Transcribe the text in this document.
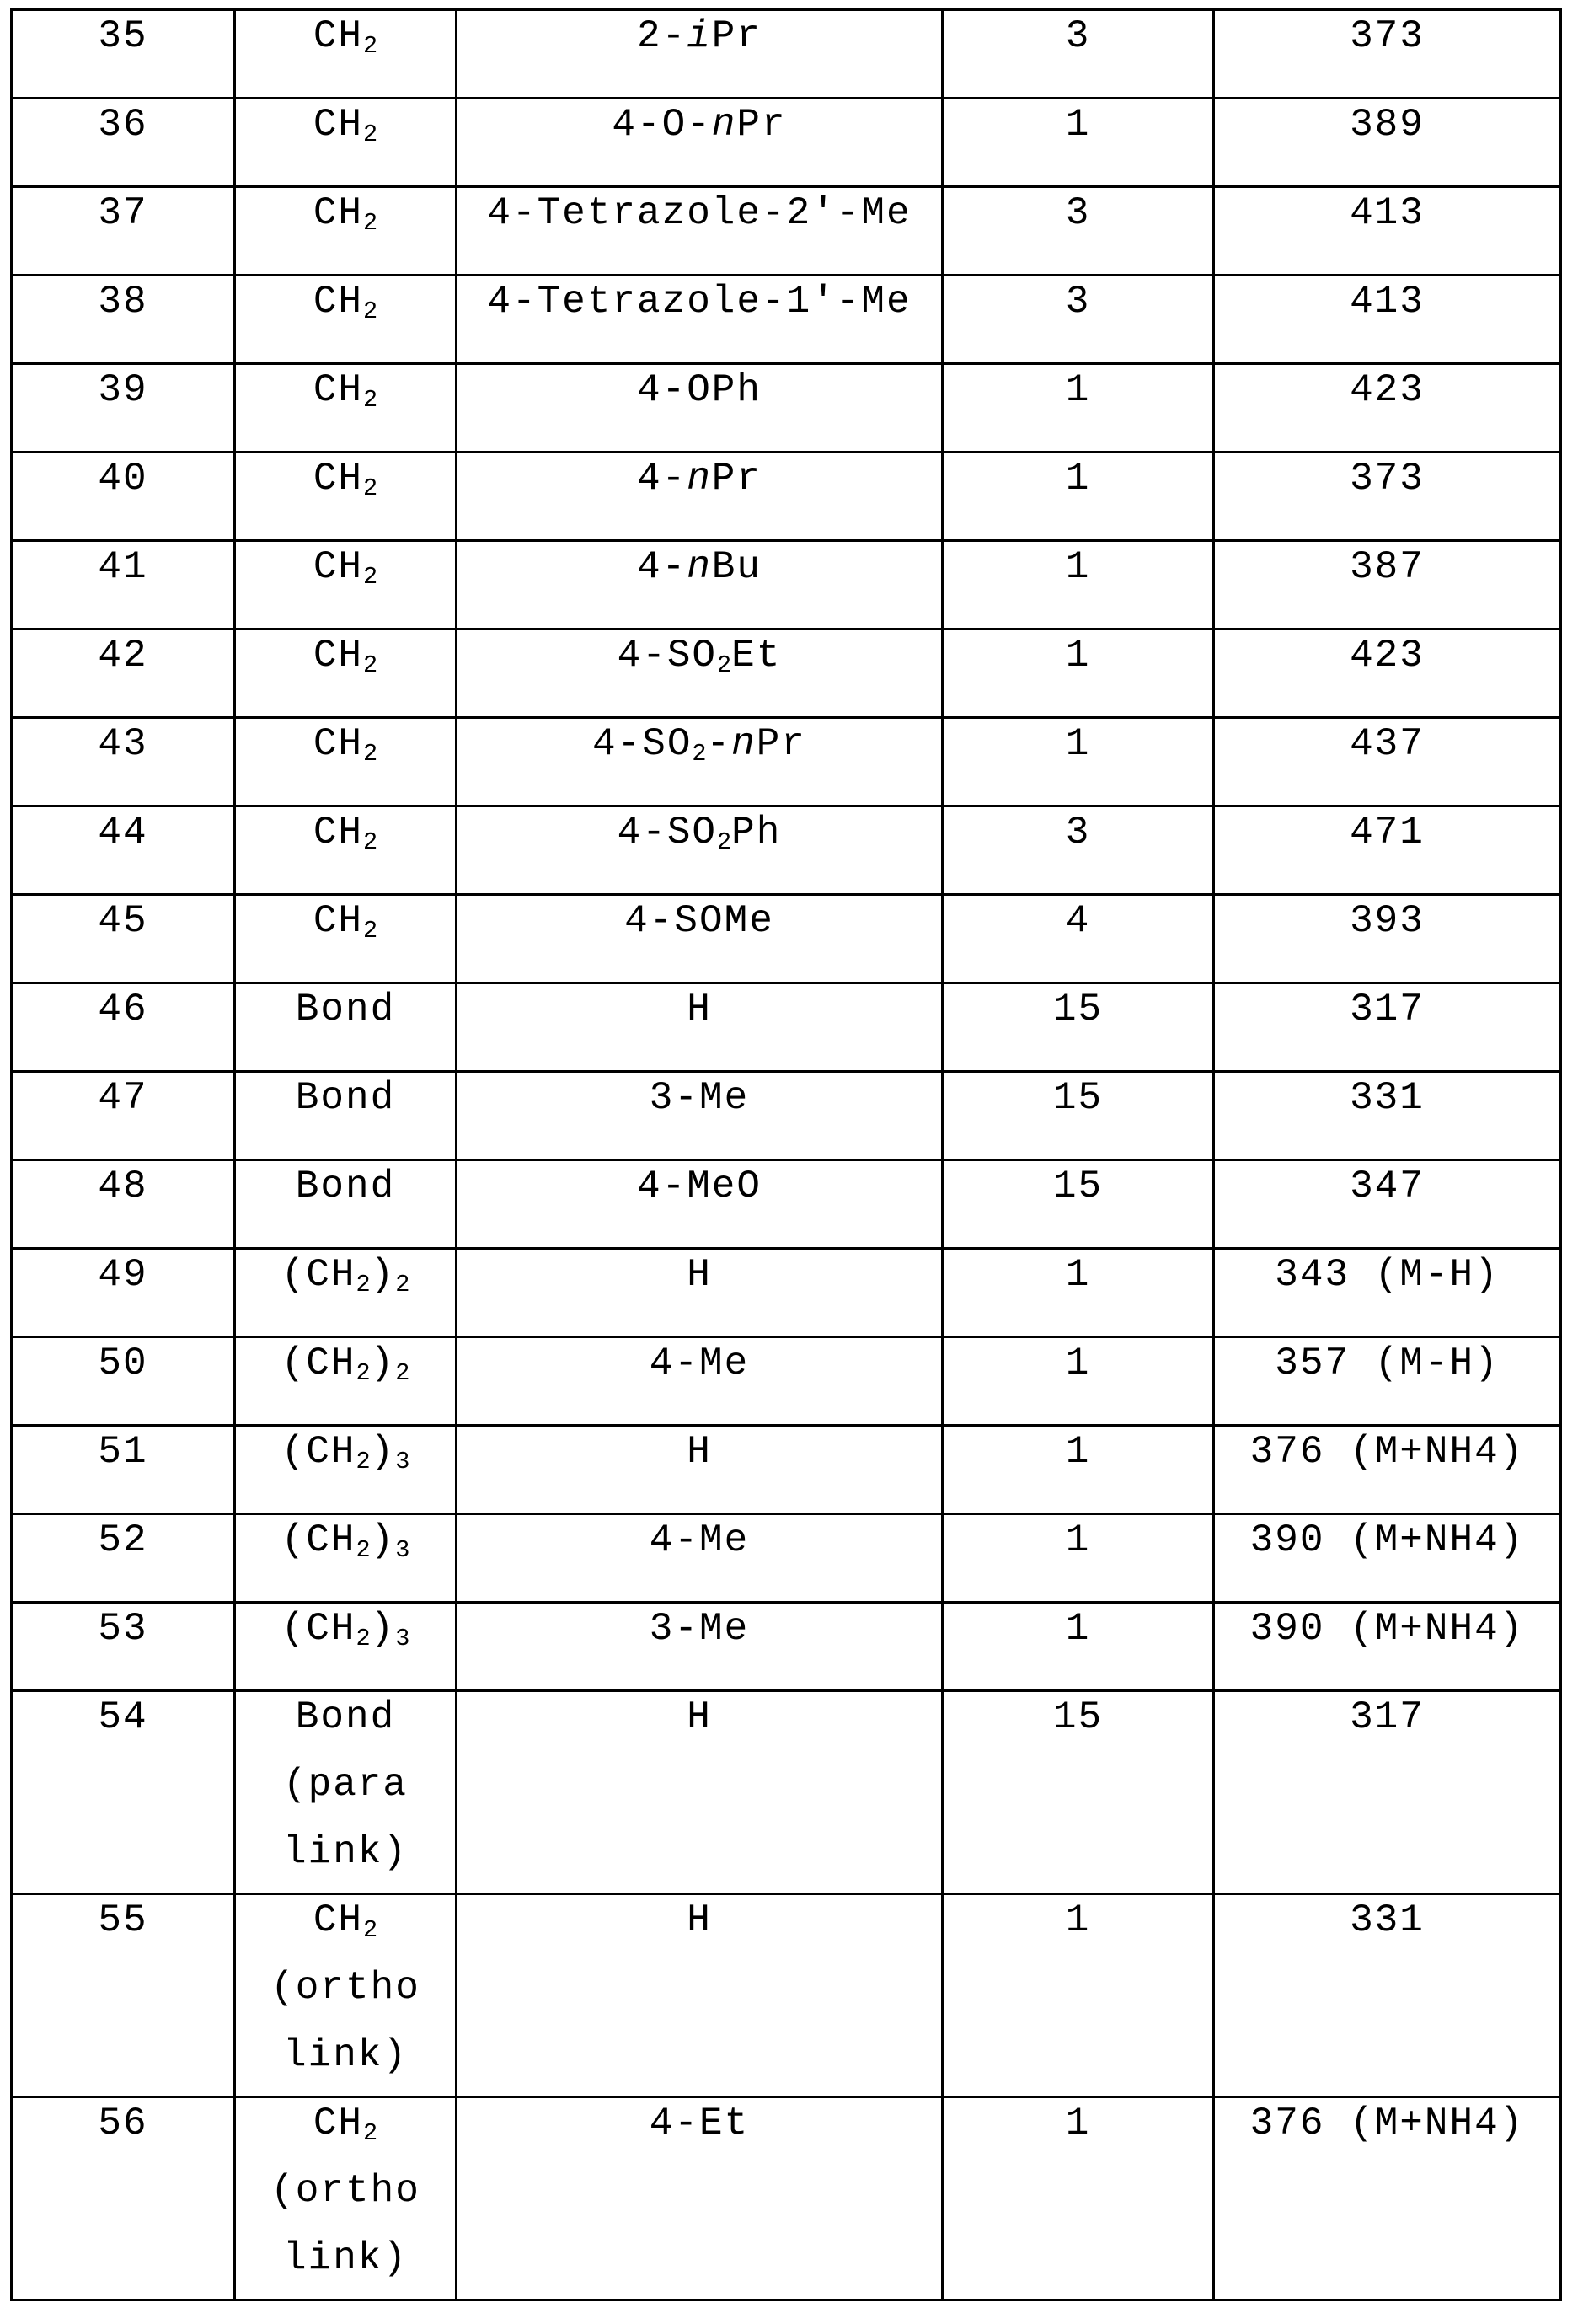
35	$CH_2$	2-iPr	3	373

36	$CH_2$	4-O-nPr	1	389

37	$CH_2$	4-Tetrazole-2'-Me	3	413

38	$CH_2$	4-Tetrazole-1'-Me	3	413

39	$CH_2$	4-OPh	1	423

40	$CH_2$	4-nPr	1	373

41	$CH_2$	4-nBu	1	387

42	$CH_2$	$4-SO_2Et$	1	423

43	$CH_2$	$4-SO_2$-nPr	1	437

44	$CH_2$	$4-SO_2Ph$	3	471

45	$CH_2$	4-SOMe	4	393

46	Bond	H	15	317

47	Bond	3-Me	15	331

48	Bond	4-MeO	15	347

49	$(CH_2)_2$	H	1	343 (M-H)

50	$(CH_2)_2$	4-Me	1	357 (M-H)

51	$(CH_2)_3$	H	1	376 (M+NH4)

52	$(CH_2)_3$	4-Me	1	390 (M+NH4)

53	$(CH_2)_3$	3-Me	1	390 (M+NH4)

54	Bond
(para
link)	H	15	317

55	$CH_2$
(ortho
link)	H	1	331

56	$CH_2$
(ortho
link)	4-Et	1	376 (M+NH4)
